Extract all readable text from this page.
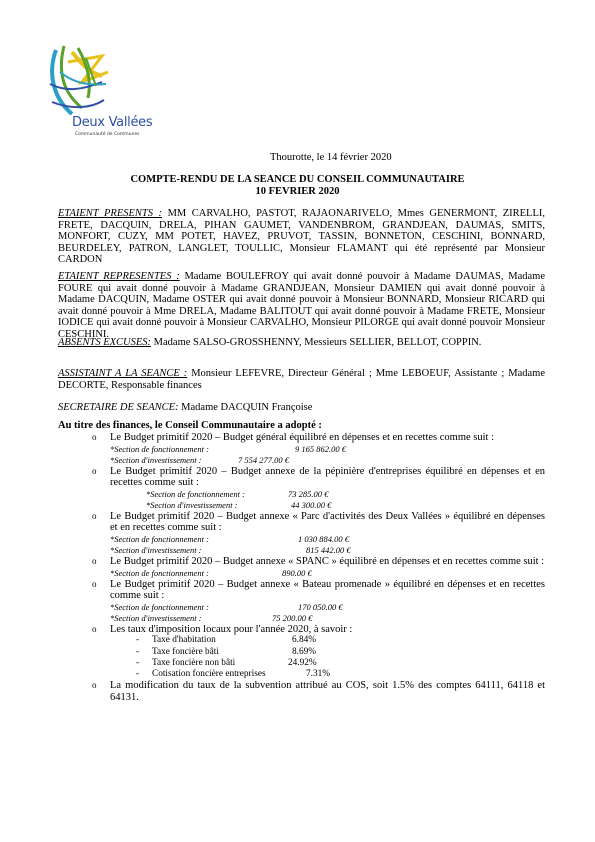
Deux Vallées
Communauté de Communes
Thourotte, le 14 février 2020
COMPTE-RENDU DE LA SEANCE DU CONSEIL COMMUNAUTAIRE
10 FEVRIER 2020
ETAIENT PRESENTS : MM CARVALHO, PASTOT, RAJAONARIVELO, Mmes GENERMONT, ZIRELLI, FRETE, DACQUIN, DRELA, PIHAN GAUMET, VANDENBROM, GRANDJEAN, DAUMAS, SMITS, MONFORT, CUZY, MM POTET, HAVEZ, PRUVOT, TASSIN, BONNETON, CESCHINI, BONNARD, BEURDELEY, PATRON, LANGLET, TOULLIC, Monsieur FLAMANT qui été représenté par Monsieur CARDON
ETAIENT REPRESENTES : Madame BOULEFROY qui avait donné pouvoir à Madame DAUMAS, Madame FOURE qui avait donné pouvoir à Madame GRANDJEAN, Monsieur DAMIEN qui avait donné pouvoir à Madame DACQUIN, Madame OSTER qui avait donné pouvoir à Monsieur BONNARD, Monsieur RICARD qui avait donné pouvoir à Mme DRELA, Madame BALITOUT qui avait donné pouvoir à Madame FRETE, Monsieur IODICE qui avait donné pouvoir à Monsieur CARVALHO, Monsieur PILORGE qui avait donné pouvoir Monsieur CESCHINI.
ABSENTS EXCUSES: Madame SALSO-GROSSHENNY, Messieurs SELLIER, BELLOT, COPPIN.
ASSISTAINT A LA SEANCE : Monsieur LEFEVRE, Directeur Général ; Mme LEBOEUF, Assistante ; Madame DECORTE, Responsable finances
SECRETAIRE DE SEANCE: Madame DACQUIN Françoise
Au titre des finances, le Conseil Communautaire a adopté :
o Le Budget primitif 2020 – Budget général équilibré en dépenses et en recettes comme suit :
*Section de fonctionnement :	9 165 862.00 €
*Section d'investissement :	7 554 277.00 €
o Le Budget primitif 2020 – Budget annexe de la pépinière d'entreprises équilibré en dépenses et en recettes comme suit :
*Section de fonctionnement :	73 285.00 €
*Section d'investissement :	44 300.00 €
o Le Budget primitif 2020 – Budget annexe « Parc d'activités des Deux Vallées » équilibré en dépenses et en recettes comme suit :
*Section de fonctionnement :	1 030 884.00 €
*Section d'investissement :	815 442.00 €
o Le Budget primitif 2020 – Budget annexe « SPANC » équilibré en dépenses et en recettes comme suit :
*Section de fonctionnement :	890.00 €
o Le Budget primitif 2020 – Budget annexe « Bateau promenade » équilibré en dépenses et en recettes comme suit :
*Section de fonctionnement :	170 050.00 €
*Section d'investissement :	75 200.00 €
o Les taux d'imposition locaux pour l'année 2020, à savoir :
- Taxe d'habitation	6.84%
- Taxe foncière bâti	8.69%
- Taxe foncière non bâti	24.92%
- Cotisation foncière entreprises	7.31%
o La modification du taux de la subvention attribué au COS, soit 1.5% des comptes 64111, 64118 et 64131.
